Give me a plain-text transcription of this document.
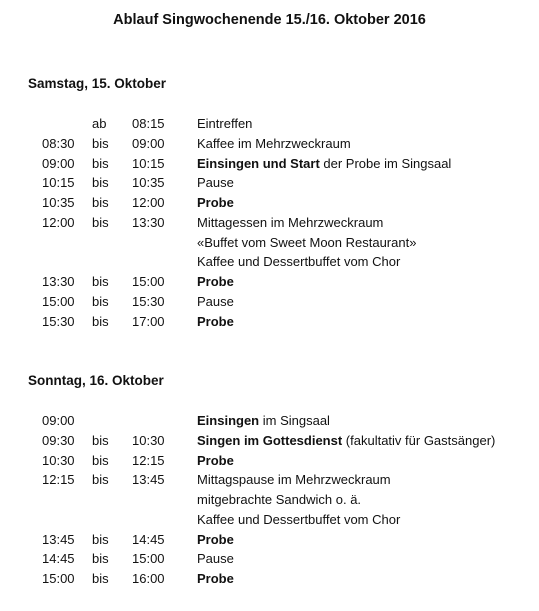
Ablauf Singwochenende 15./16. Oktober 2016
Samstag, 15. Oktober
ab 08:15 Eintreffen
08:30 bis 09:00 Kaffee im Mehrzweckraum
09:00 bis 10:15 Einsingen und Start der Probe im Singsaal
10:15 bis 10:35 Pause
10:35 bis 12:00 Probe
12:00 bis 13:30 Mittagessen im Mehrzweckraum
«Buffet vom Sweet Moon Restaurant»
Kaffee und Dessertbuffet vom Chor
13:30 bis 15:00 Probe
15:00 bis 15:30 Pause
15:30 bis 17:00 Probe
Sonntag, 16. Oktober
09:00	Einsingen im Singsaal
09:30 bis 10:30 Singen im Gottesdienst (fakultativ für Gastsänger)
10:30 bis 12:15 Probe
12:15 bis 13:45 Mittagspause im Mehrzweckraum
mitgebrachte Sandwich o. ä.
Kaffee und Dessertbuffet vom Chor
13:45 bis 14:45 Probe
14:45 bis 15:00 Pause
15:00 bis 16:00 Probe
